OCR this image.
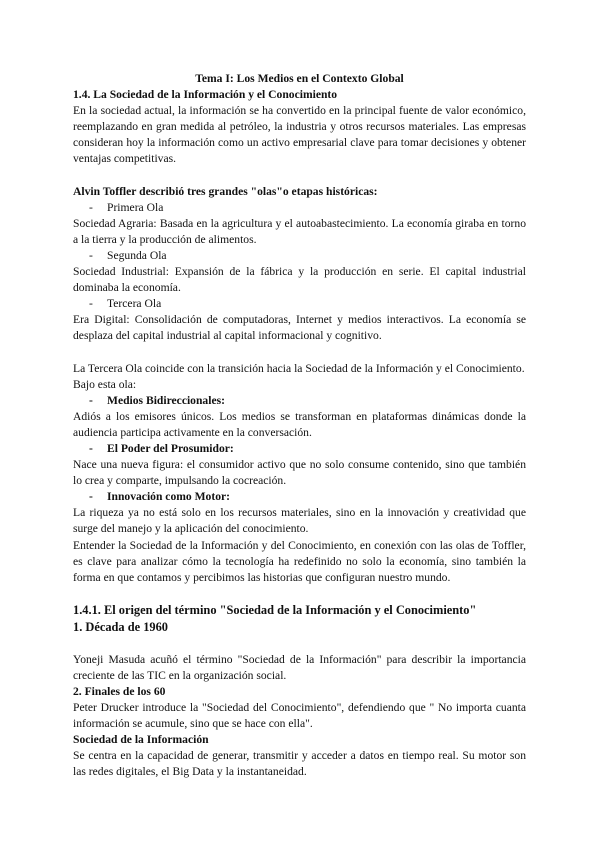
Tema I: Los Medios en el Contexto Global

1.4. La Sociedad de la Información y el Conocimiento

En la sociedad actual, la información se ha convertido en la principal fuente de valor económico, reemplazando en gran medida al petróleo, la industria y otros recursos materiales. Las empresas consideran hoy la información como un activo empresarial clave para tomar decisiones y obtener ventajas competitivas.

Alvin Toffler describió tres grandes "olas"o etapas históricas:

-	Primera Ola

Sociedad Agraria: Basada en la agricultura y el autoabastecimiento. La economía giraba en torno a la tierra y la producción de alimentos.

-	Segunda Ola

Sociedad Industrial: Expansión de la fábrica y la producción en serie. El capital industrial dominaba la economía.

-	Tercera Ola

Era Digital: Consolidación de computadoras, Internet y medios interactivos. La economía se desplaza del capital industrial al capital informacional y cognitivo.

La Tercera Ola coincide con la transición hacia la Sociedad de la Información y el Conocimiento. Bajo esta ola:

-	Medios Bidireccionales:

Adiós a los emisores únicos. Los medios se transforman en plataformas dinámicas donde la audiencia participa activamente en la conversación.

-	El Poder del Prosumidor:

Nace una nueva figura: el consumidor activo que no solo consume contenido, sino que también lo crea y comparte, impulsando la cocreación.

-	Innovación como Motor:

La riqueza ya no está solo en los recursos materiales, sino en la innovación y creatividad que surge del manejo y la aplicación del conocimiento.

Entender la Sociedad de la Información y del Conocimiento, en conexión con las olas de Toffler, es clave para analizar cómo la tecnología ha redefinido no solo la economía, sino también la forma en que contamos y percibimos las historias que configuran nuestro mundo.

1.4.1. El origen del término "Sociedad de la Información y el Conocimiento"

1. Década de 1960

Yoneji Masuda acuñó el término "Sociedad de la Información" para describir la importancia creciente de las TIC en la organización social.

2. Finales de los 60

Peter Drucker introduce la "Sociedad del Conocimiento", defendiendo que " No importa cuanta información se acumule, sino que se hace con ella".

Sociedad de la Información

Se centra en la capacidad de generar, transmitir y acceder a datos en tiempo real. Su motor son las redes digitales, el Big Data y la instantaneidad.
